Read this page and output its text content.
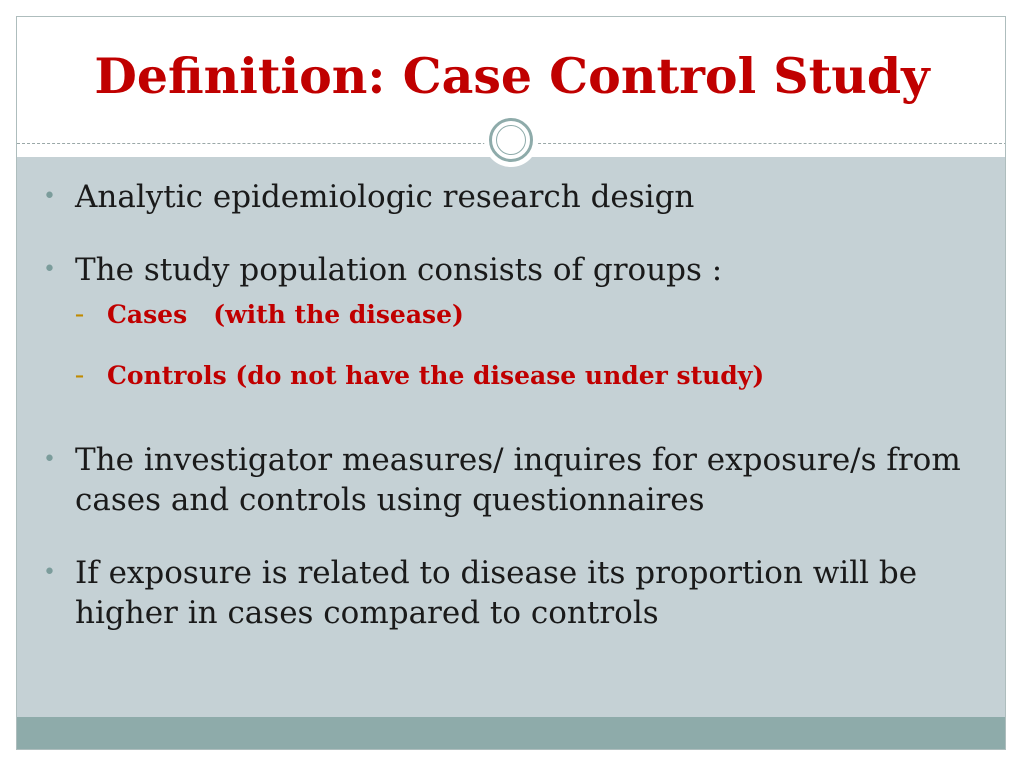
Definition: Case Control Study
• Analytic epidemiologic research design
• The study population consists of groups :
– Cases   (with the disease)
– Controls (do not have the disease under study)
• The investigator measures/ inquires for exposure/s from cases and controls using questionnaires
• If exposure is related to disease its proportion will be higher in cases compared to controls
